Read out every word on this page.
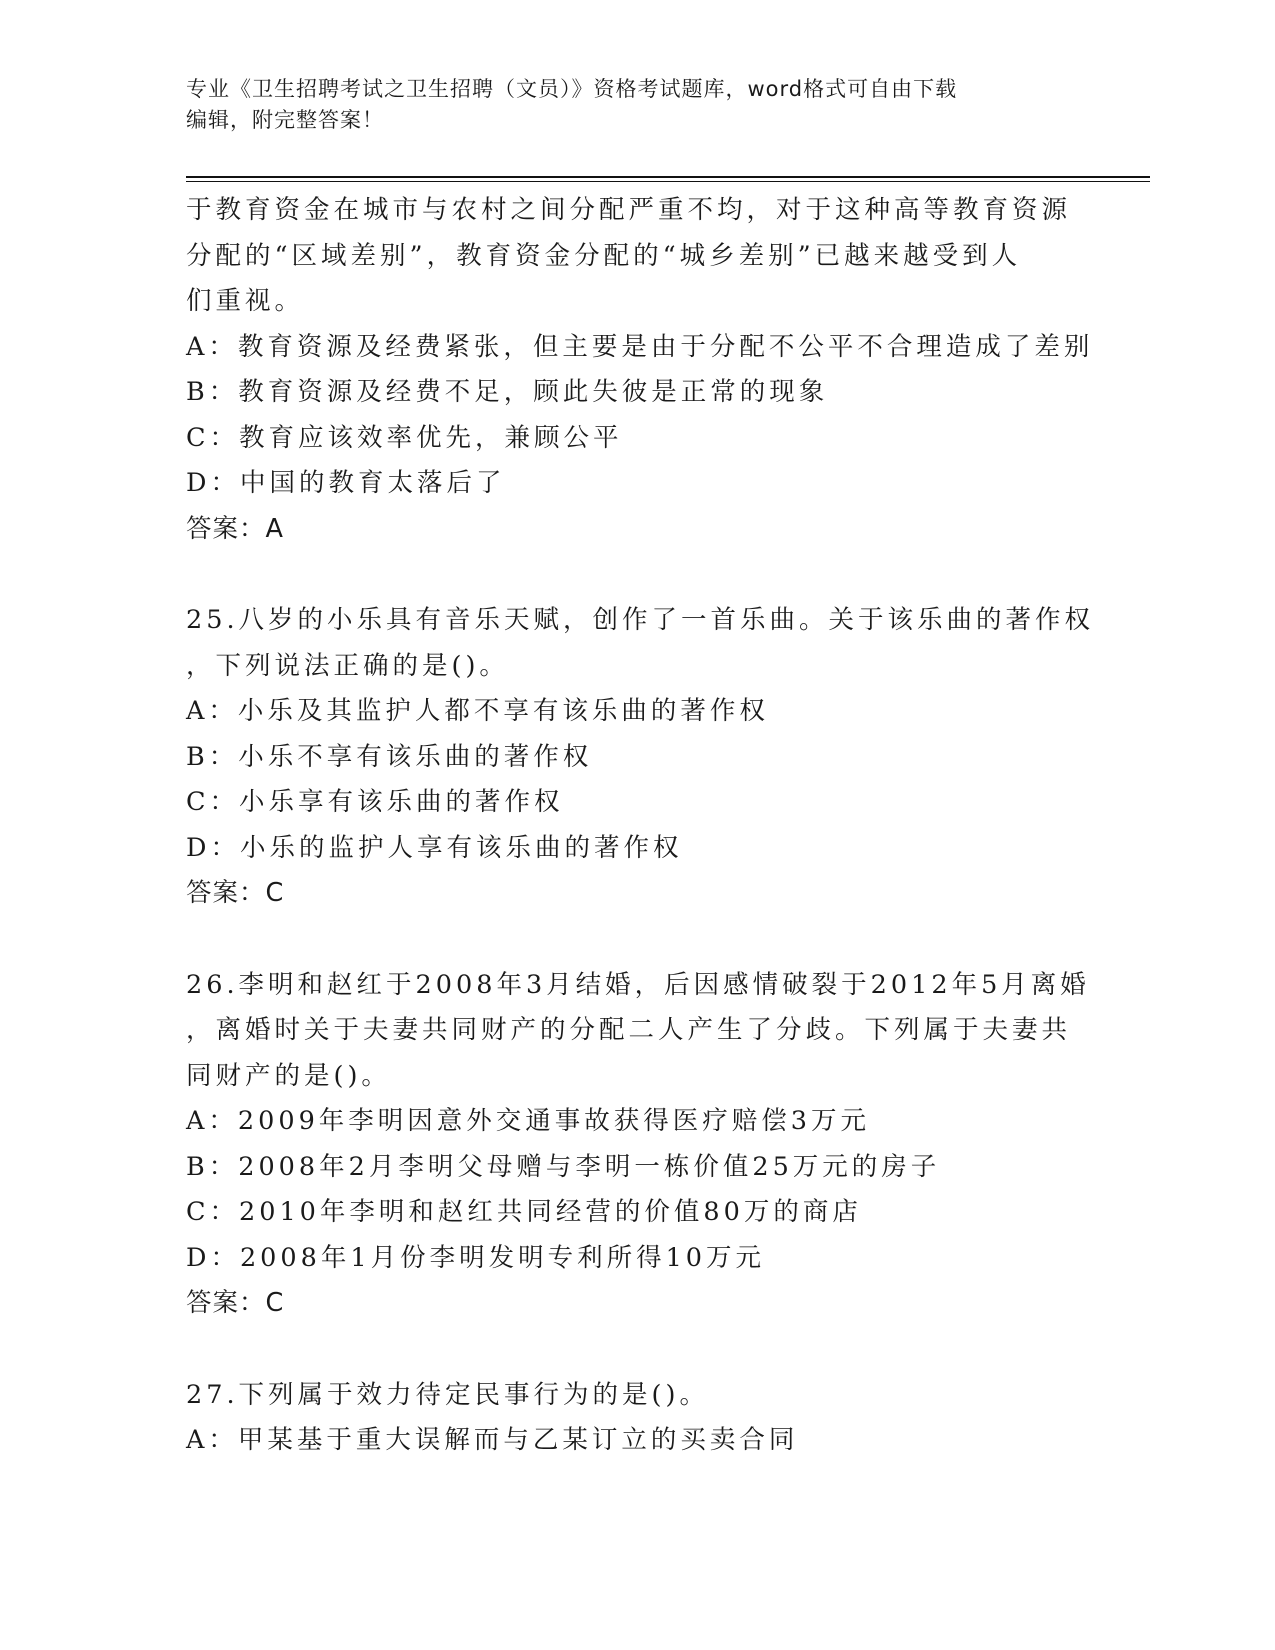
专业《卫生招聘考试之卫生招聘（文员）》资格考试题库，word格式可自由下载
编辑，附完整答案！
于教育资金在城市与农村之间分配严重不均，对于这种高等教育资源
分配的“区域差别”，教育资金分配的“城乡差别”已越来越受到人
们重视。
A：教育资源及经费紧张，但主要是由于分配不公平不合理造成了差别
B：教育资源及经费不足，顾此失彼是正常的现象
C：教育应该效率优先，兼顾公平
D：中国的教育太落后了
答案：A
25.八岁的小乐具有音乐天赋，创作了一首乐曲。关于该乐曲的著作权
，下列说法正确的是()。
A：小乐及其监护人都不享有该乐曲的著作权
B：小乐不享有该乐曲的著作权
C：小乐享有该乐曲的著作权
D：小乐的监护人享有该乐曲的著作权
答案：C
26.李明和赵红于2008年3月结婚，后因感情破裂于2012年5月离婚
，离婚时关于夫妻共同财产的分配二人产生了分歧。下列属于夫妻共
同财产的是()。
A：2009年李明因意外交通事故获得医疗赔偿3万元
B：2008年2月李明父母赠与李明一栋价值25万元的房子
C：2010年李明和赵红共同经营的价值80万的商店
D：2008年1月份李明发明专利所得10万元
答案：C
27.下列属于效力待定民事行为的是()。
A：甲某基于重大误解而与乙某订立的买卖合同
